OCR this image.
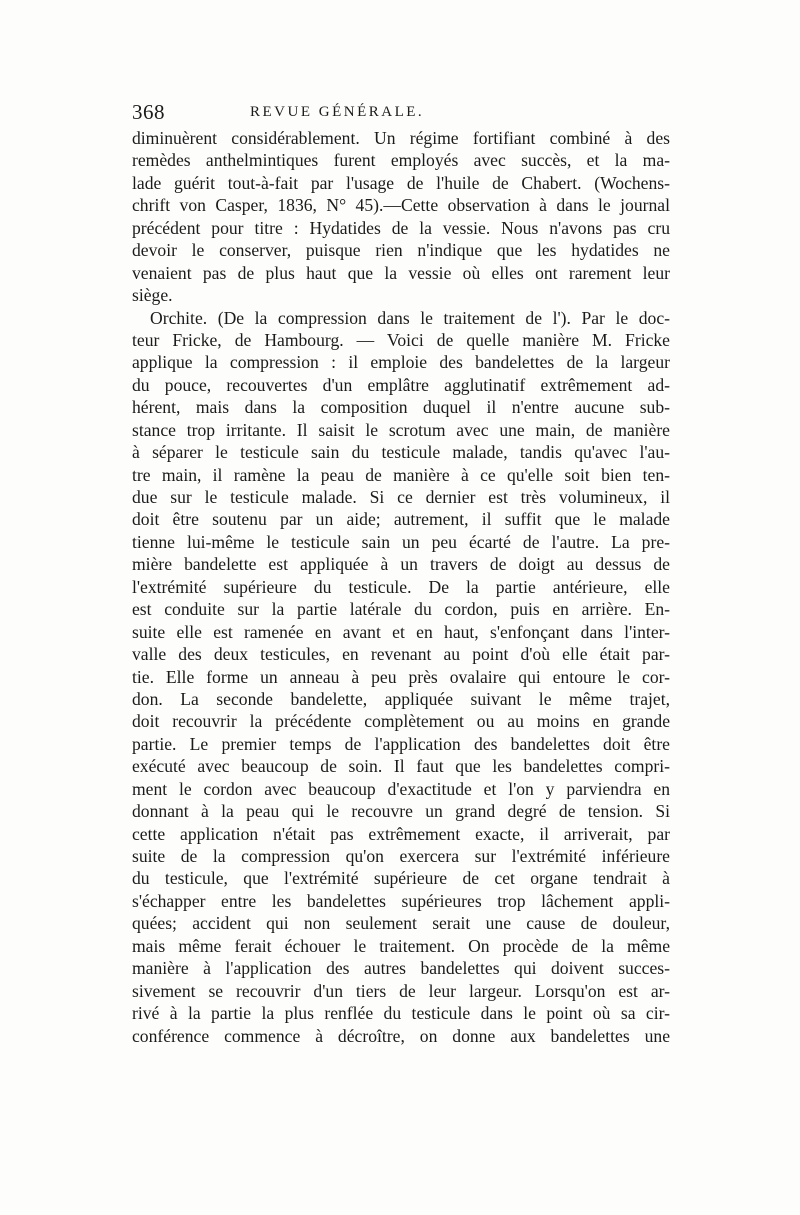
368	REVUE GÉNÉRALE.
diminuèrent considérablement. Un régime fortifiant combiné à des
remèdes anthelmintiques furent employés avec succès, et la ma-
lade guérit tout-à-fait par l'usage de l'huile de Chabert. (Wochens-
chrift von Casper, 1836, N° 45).—Cette observation à dans le journal
précédent pour titre : Hydatides de la vessie. Nous n'avons pas cru
devoir le conserver, puisque rien n'indique que les hydatides ne
venaient pas de plus haut que la vessie où elles ont rarement leur
siège.
Orchite. (De la compression dans le traitement de l'). Par le doc-
teur Fricke, de Hambourg. — Voici de quelle manière M. Fricke
applique la compression : il emploie des bandelettes de la largeur
du pouce, recouvertes d'un emplâtre agglutinatif extrêmement ad-
hérent, mais dans la composition duquel il n'entre aucune sub-
stance trop irritante. Il saisit le scrotum avec une main, de manière
à séparer le testicule sain du testicule malade, tandis qu'avec l'au-
tre main, il ramène la peau de manière à ce qu'elle soit bien ten-
due sur le testicule malade. Si ce dernier est très volumineux, il
doit être soutenu par un aide; autrement, il suffit que le malade
tienne lui-même le testicule sain un peu écarté de l'autre. La pre-
mière bandelette est appliquée à un travers de doigt au dessus de
l'extrémité supérieure du testicule. De la partie antérieure, elle
est conduite sur la partie latérale du cordon, puis en arrière. En-
suite elle est ramenée en avant et en haut, s'enfonçant dans l'inter-
valle des deux testicules, en revenant au point d'où elle était par-
tie. Elle forme un anneau à peu près ovalaire qui entoure le cor-
don. La seconde bandelette, appliquée suivant le même trajet,
doit recouvrir la précédente complètement ou au moins en grande
partie. Le premier temps de l'application des bandelettes doit être
exécuté avec beaucoup de soin. Il faut que les bandelettes compri-
ment le cordon avec beaucoup d'exactitude et l'on y parviendra en
donnant à la peau qui le recouvre un grand degré de tension. Si
cette application n'était pas extrêmement exacte, il arriverait, par
suite de la compression qu'on exercera sur l'extrémité inférieure
du testicule, que l'extrémité supérieure de cet organe tendrait à
s'échapper entre les bandelettes supérieures trop lâchement appli-
quées; accident qui non seulement serait une cause de douleur,
mais même ferait échouer le traitement. On procède de la même
manière à l'application des autres bandelettes qui doivent succes-
sivement se recouvrir d'un tiers de leur largeur. Lorsqu'on est ar-
rivé à la partie la plus renflée du testicule dans le point où sa cir-
conférence commence à décroître, on donne aux bandelettes une
